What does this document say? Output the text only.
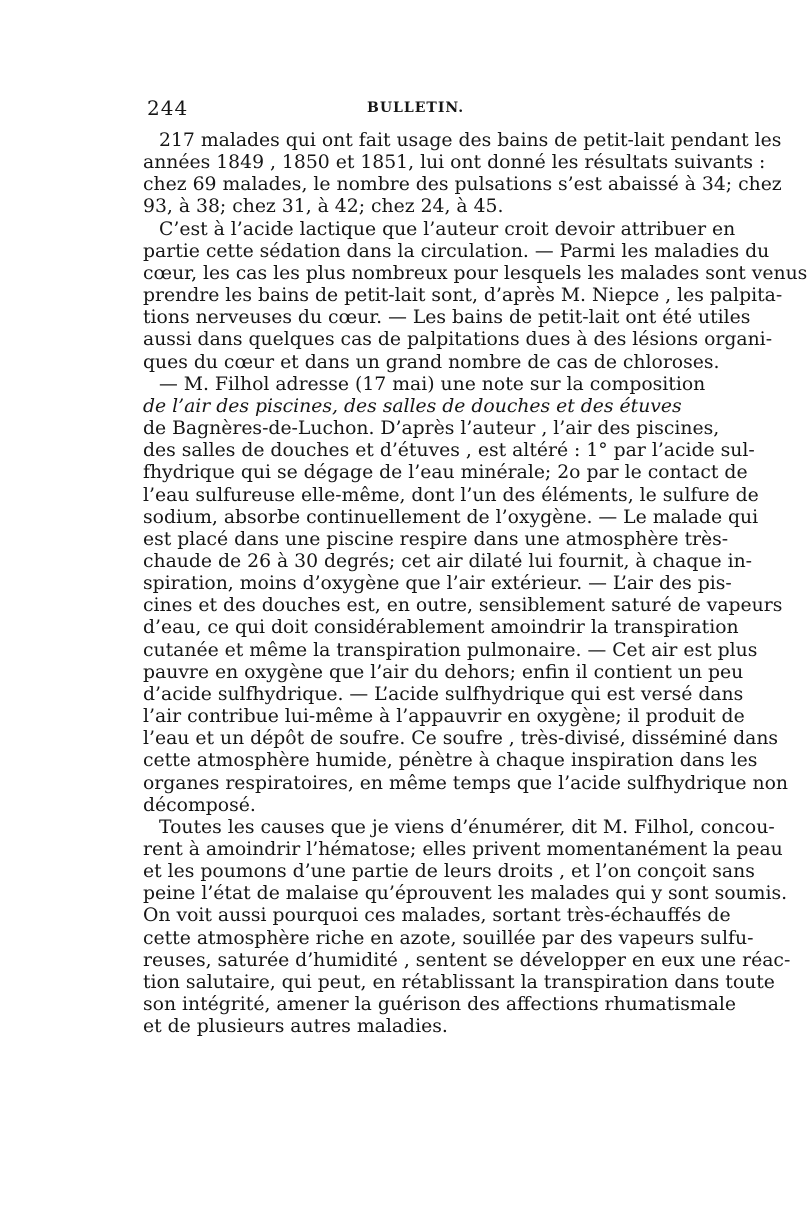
244	BULLETIN.
217 malades qui ont fait usage des bains de petit-lait pendant les
années 1849 , 1850 et 1851, lui ont donné les résultats suivants :
chez 69 malades, le nombre des pulsations s’est abaissé à 34; chez
93, à 38; chez 31, à 42; chez 24, à 45.
C’est à l’acide lactique que l’auteur croit devoir attribuer en
partie cette sédation dans la circulation. — Parmi les maladies du
cœur, les cas les plus nombreux pour lesquels les malades sont venus
prendre les bains de petit-lait sont, d’après M. Niepce , les palpita-
tions nerveuses du cœur. — Les bains de petit-lait ont été utiles
aussi dans quelques cas de palpitations dues à des lésions organi-
ques du cœur et dans un grand nombre de cas de chloroses.
— M. Filhol adresse (17 mai) une note sur la composition
de l’air des piscines, des salles de douches et des étuves
de Bagnères-de-Luchon. D’après l’auteur , l’air des piscines,
des salles de douches et d’étuves , est altéré : 1° par l’acide sul-
fhydrique qui se dégage de l’eau minérale; 2o par le contact de
l’eau sulfureuse elle-même, dont l’un des éléments, le sulfure de
sodium, absorbe continuellement de l’oxygène. — Le malade qui
est placé dans une piscine respire dans une atmosphère très-
chaude de 26 à 30 degrés; cet air dilaté lui fournit, à chaque in-
spiration, moins d’oxygène que l’air extérieur. — L’air des pis-
cines et des douches est, en outre, sensiblement saturé de vapeurs
d’eau, ce qui doit considérablement amoindrir la transpiration
cutanée et même la transpiration pulmonaire. — Cet air est plus
pauvre en oxygène que l’air du dehors; enfin il contient un peu
d’acide sulfhydrique. — L’acide sulfhydrique qui est versé dans
l’air contribue lui-même à l’appauvrir en oxygène; il produit de
l’eau et un dépôt de soufre. Ce soufre , très-divisé, disséminé dans
cette atmosphère humide, pénètre à chaque inspiration dans les
organes respiratoires, en même temps que l’acide sulfhydrique non
décomposé.
Toutes les causes que je viens d’énumérer, dit M. Filhol, concou-
rent à amoindrir l’hématose; elles privent momentanément la peau
et les poumons d’une partie de leurs droits , et l’on conçoit sans
peine l’état de malaise qu’éprouvent les malades qui y sont soumis.
On voit aussi pourquoi ces malades, sortant très-échauffés de
cette atmosphère riche en azote, souillée par des vapeurs sulfu-
reuses, saturée d’humidité , sentent se développer en eux une réac-
tion salutaire, qui peut, en rétablissant la transpiration dans toute
son intégrité, amener la guérison des affections rhumatismale
et de plusieurs autres maladies.
